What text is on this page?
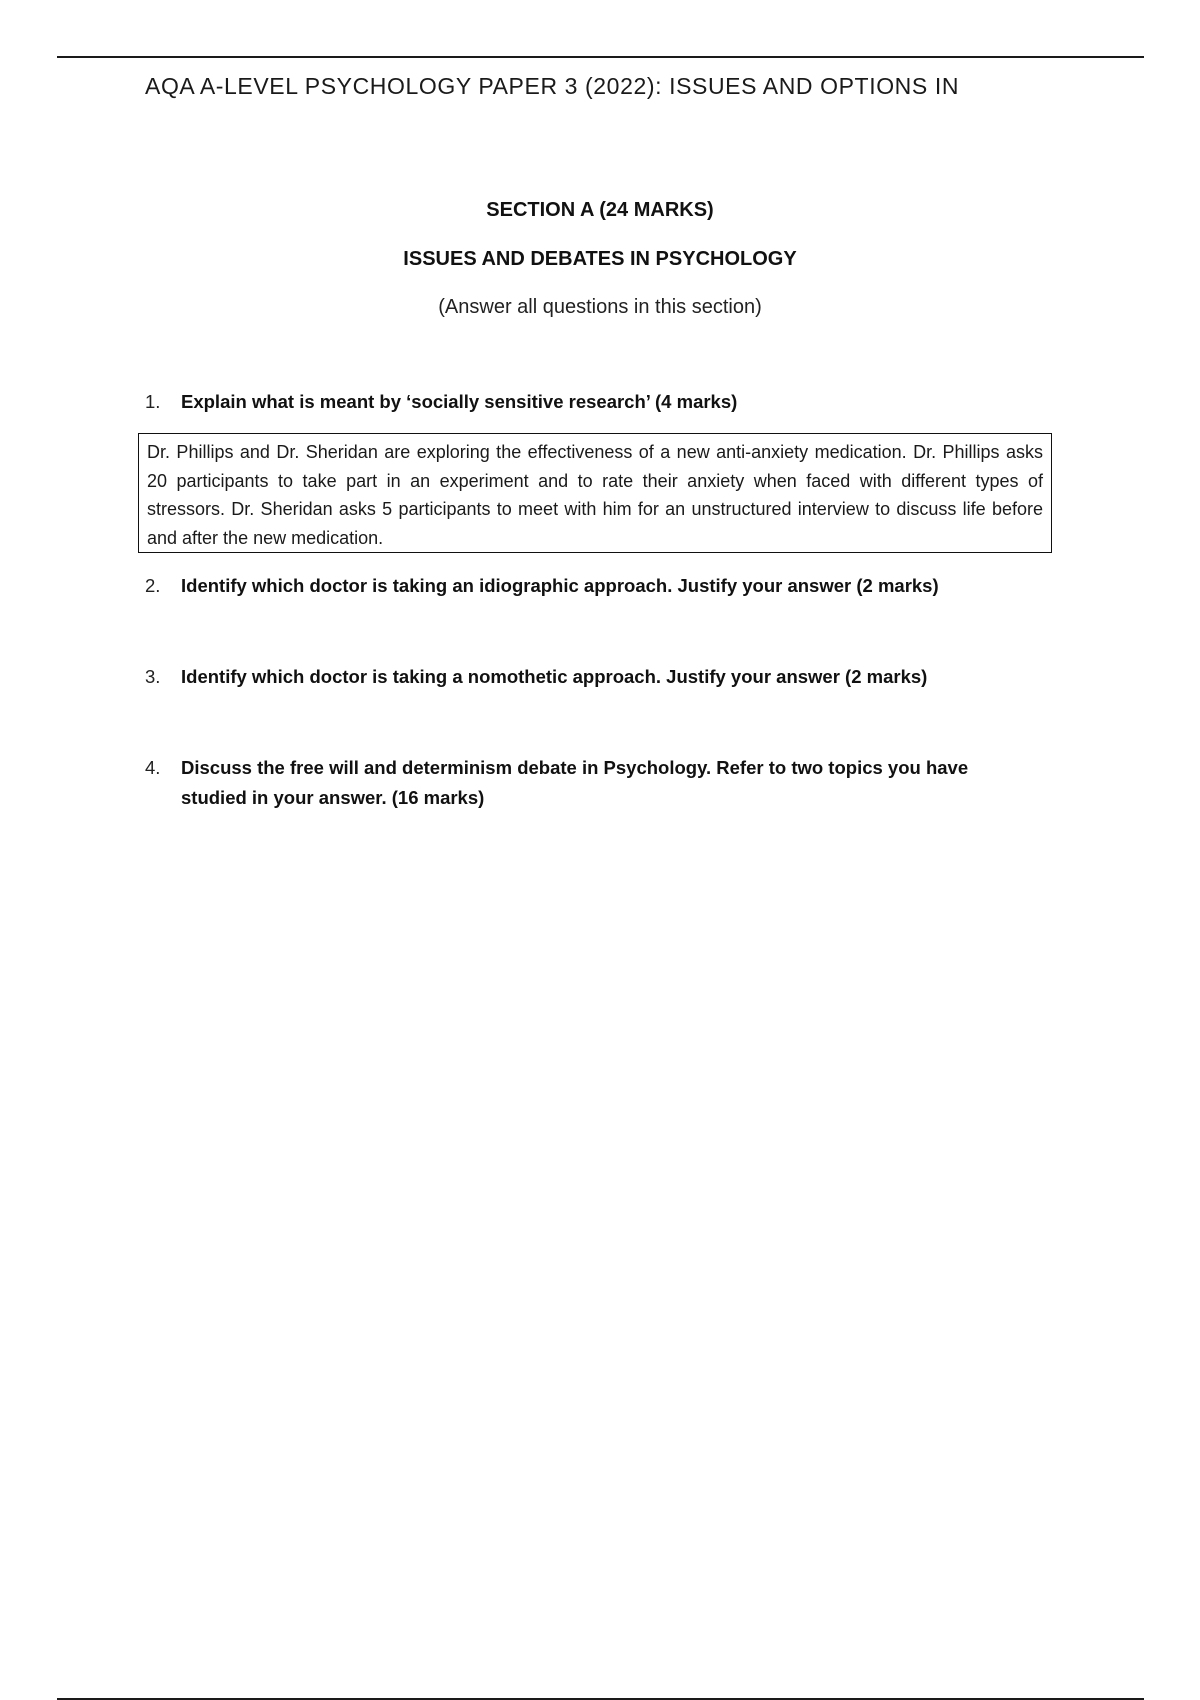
AQA A-LEVEL PSYCHOLOGY PAPER 3 (2022): ISSUES AND OPTIONS IN
SECTION A (24 MARKS)
ISSUES AND DEBATES IN PSYCHOLOGY
(Answer all questions in this section)
1.	Explain what is meant by ‘socially sensitive research’ (4 marks)
Dr. Phillips and Dr. Sheridan are exploring the effectiveness of a new anti-anxiety medication. Dr. Phillips asks 20 participants to take part in an experiment and to rate their anxiety when faced with different types of stressors. Dr. Sheridan asks 5 participants to meet with him for an unstructured interview to discuss life before and after the new medication.
2.	Identify which doctor is taking an idiographic approach. Justify your answer (2 marks)
3.	Identify which doctor is taking a nomothetic approach. Justify your answer (2 marks)
4.	Discuss the free will and determinism debate in Psychology. Refer to two topics you have studied in your answer. (16 marks)
